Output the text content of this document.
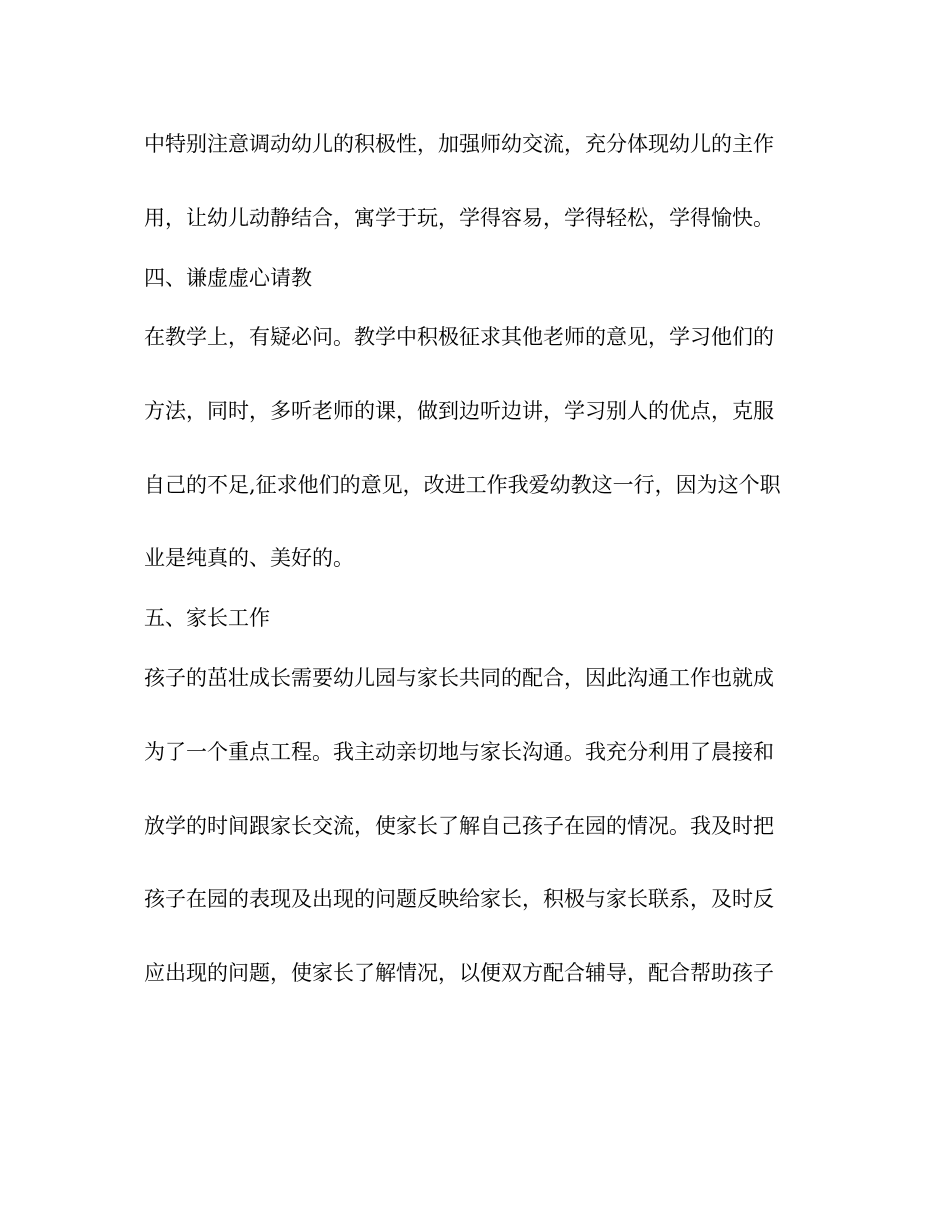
中特别注意调动幼儿的积极性，加强师幼交流，充分体现幼儿的主作
用，让幼儿动静结合，寓学于玩，学得容易，学得轻松，学得愉快。
四、谦虚虚心请教
在教学上，有疑必问。教学中积极征求其他老师的意见，学习他们的
方法，同时，多听老师的课，做到边听边讲，学习别人的优点，克服
自己的不足,征求他们的意见，改进工作我爱幼教这一行，因为这个职
业是纯真的、美好的。
五、家长工作
孩子的茁壮成长需要幼儿园与家长共同的配合，因此沟通工作也就成
为了一个重点工程。我主动亲切地与家长沟通。我充分利用了晨接和
放学的时间跟家长交流，使家长了解自己孩子在园的情况。我及时把
孩子在园的表现及出现的问题反映给家长，积极与家长联系，及时反
应出现的问题，使家长了解情况，以便双方配合辅导，配合帮助孩子
